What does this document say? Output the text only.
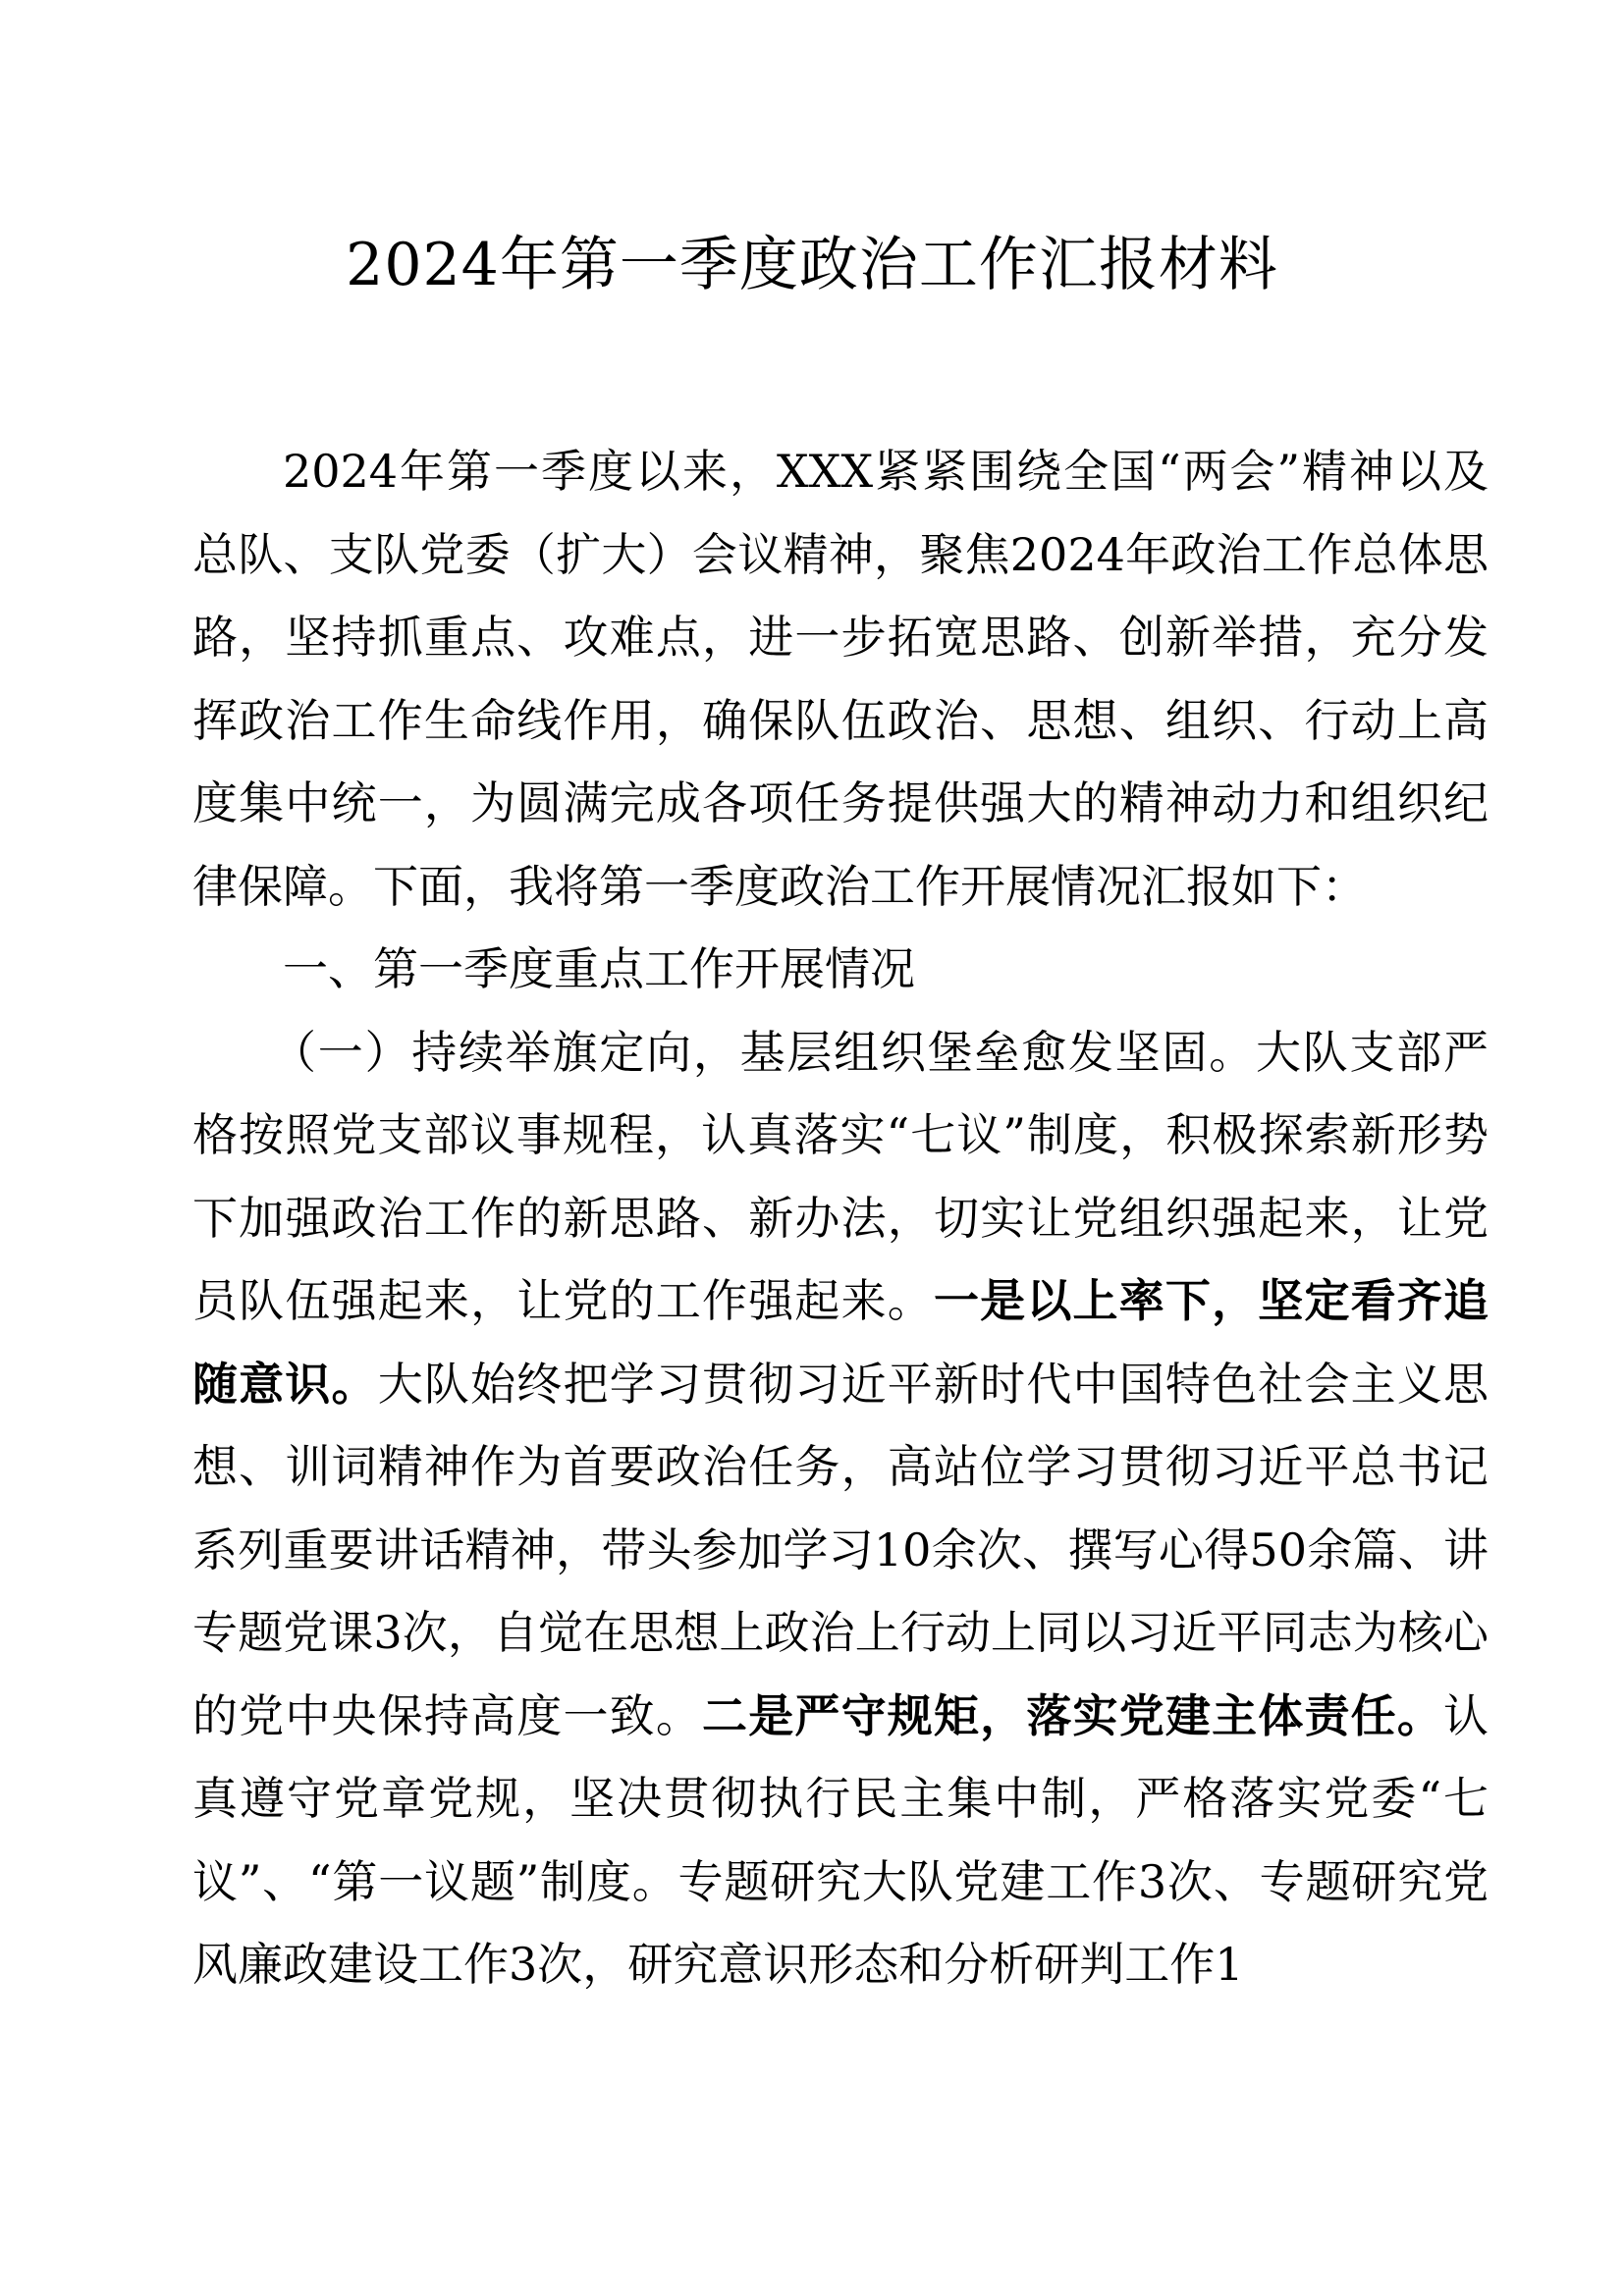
2024年第一季度政治工作汇报材料

2024年第一季度以来，XXX紧紧围绕全国“两会”精神以及总队、支队党委（扩大）会议精神，聚焦2024年政治工作总体思路，坚持抓重点、攻难点，进一步拓宽思路、创新举措，充分发挥政治工作生命线作用，确保队伍政治、思想、组织、行动上高度集中统一，为圆满完成各项任务提供强大的精神动力和组织纪律保障。下面，我将第一季度政治工作开展情况汇报如下：

一、第一季度重点工作开展情况

（一）持续举旗定向，基层组织堡垒愈发坚固。大队支部严格按照党支部议事规程，认真落实“七议”制度，积极探索新形势下加强政治工作的新思路、新办法，切实让党组织强起来，让党员队伍强起来，让党的工作强起来。一是以上率下，坚定看齐追随意识。大队始终把学习贯彻习近平新时代中国特色社会主义思想、训词精神作为首要政治任务，高站位学习贯彻习近平总书记系列重要讲话精神，带头参加学习10余次、撰写心得50余篇、讲专题党课3次，自觉在思想上政治上行动上同以习近平同志为核心的党中央保持高度一致。二是严守规矩，落实党建主体责任。认真遵守党章党规，坚决贯彻执行民主集中制，严格落实党委“七议”、“第一议题”制度。专题研究大队党建工作3次、专题研究党风廉政建设工作3次，研究意识形态和分析研判工作1
